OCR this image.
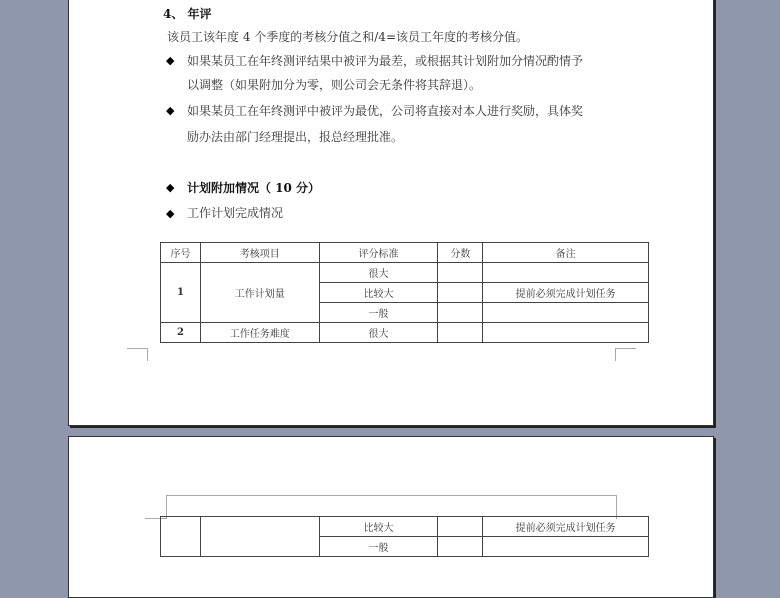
4、 年评
该员工该年度 4 个季度的考核分值之和/4=该员工年度的考核分值。
◆ 如果某员工在年终测评结果中被评为最差，或根据其计划附加分情况酌情予
以调整（如果附加分为零，则公司会无条件将其辞退）。
◆ 如果某员工在年终测评中被评为最优，公司将直接对本人进行奖励，具体奖
励办法由部门经理提出，报总经理批准。
◆ 计划附加情况（ 10 分）
◆ 工作计划完成情况
序号	考核项目	评分标准	分数	备注
1	工作计划量	很大		
		比较大		提前必须完成计划任务
		一般		
2	工作任务难度	很大		
		比较大		提前必须完成计划任务
		一般		
